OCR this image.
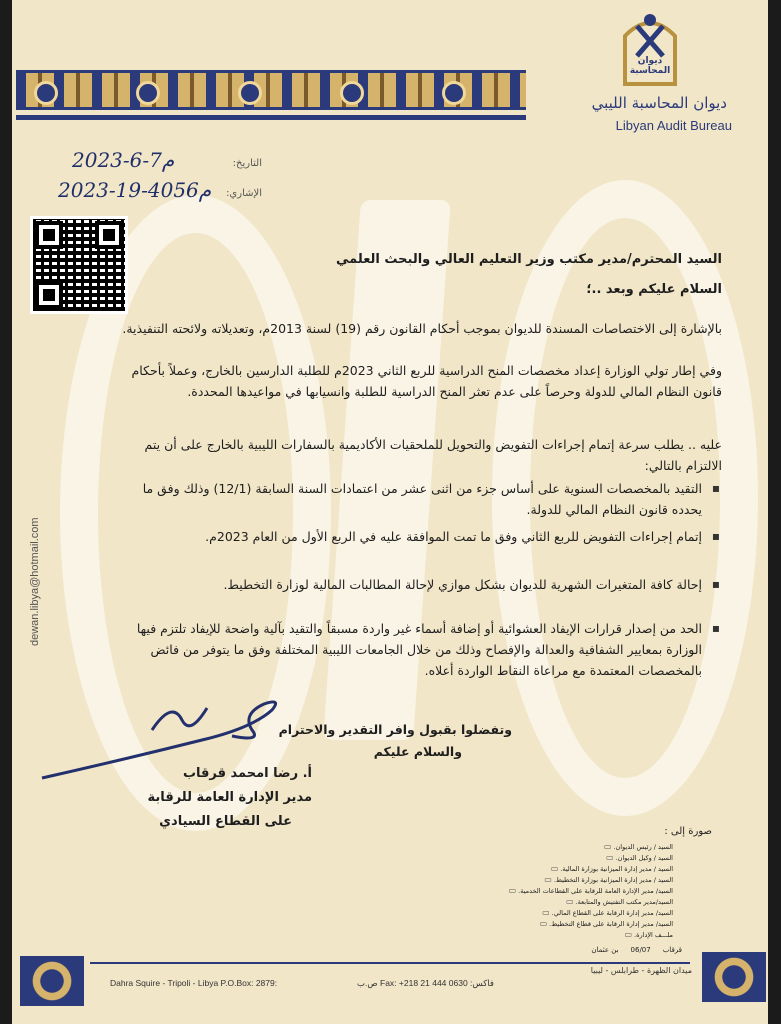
ديوان المحاسبة
ديوان المحاسبة الليبي
Libyan Audit Bureau
التاريخ:
2023-6-7م
الإشاري:
2023-19-4056م
dewan.libya@hotmail.com
السيد المحترم/مدير مكتب وزير التعليم العالي والبحث العلمي
السلام عليكم وبعد ..؛
بالإشارة إلى الاختصاصات المسندة للديوان بموجب أحكام القانون رقم (19) لسنة 2013م، وتعديلاته ولائحته التنفيذية.
وفي إطار تولي الوزارة إعداد مخصصات المنح الدراسية للربع الثاني 2023م للطلبة الدارسين بالخارج، وعملاً بأحكام قانون النظام المالي للدولة وحرصاً على عدم تعثر المنح الدراسية للطلبة وانسيابها في مواعيدها المحددة.
عليه .. يطلب سرعة إتمام إجراءات التفويض والتحويل للملحقيات الأكاديمية بالسفارات الليبية بالخارج على أن يتم الالتزام بالتالي:
▪ التقيد بالمخصصات السنوية على أساس جزء من اثنى عشر من اعتمادات السنة السابقة (12/1) وذلك وفق ما يحدده قانون النظام المالي للدولة.
▪ إتمام إجراءات التفويض للربع الثاني وفق ما تمت الموافقة عليه في الربع الأول من العام 2023م.
▪ إحالة كافة المتغيرات الشهرية للديوان بشكل موازي لإحالة المطالبات المالية لوزارة التخطيط.
▪ الحد من إصدار قرارات الإيفاد العشوائية أو إضافة أسماء غير واردة مسبقاً والتقيد بآلية واضحة للإيفاد تلتزم فيها الوزارة بمعايير الشفافية والعدالة والإفصاح وذلك من خلال الجامعات الليبية المختلفة وفق ما يتوفر من فائض بالمخصصات المعتمدة مع مراعاة النقاط الواردة أعلاه.
وتفضلوا بقبول وافر التقدير والاحترام
والسلام عليكم
أ. رضا امحمد قرقاب
مدير الإدارة العامة للرقابة
على القطاع السيادي
صورة إلى :
السيد / رئيس الديوان. ▭
السيد / وكيل الديوان. ▭
السيد / مدير إدارة الميزانية بوزارة المالية. ▭
السيد / مدير إدارة الميزانية بوزارة التخطيط. ▭
السيد/ مدير الإدارة العامة للرقابة على القطاعات الخدمية. ▭
السيد/مدير مكتب التفتيش والمتابعة. ▭
السيد/ مدير إدارة الرقابة على القطاع المالي. ▭
السيد/ مدير إدارة الرقابة على قطاع التخطيط. ▭
ملـــف الإدارة. ▭
قرقاب
06/07
بن عثمان
ميدان الظهرة - طرابلس - ليبيا
Dahra Squire - Tripoli - Libya P.O.Box: 2879:	ص.ب Fax: +218 21 444 0630 :فاكس
